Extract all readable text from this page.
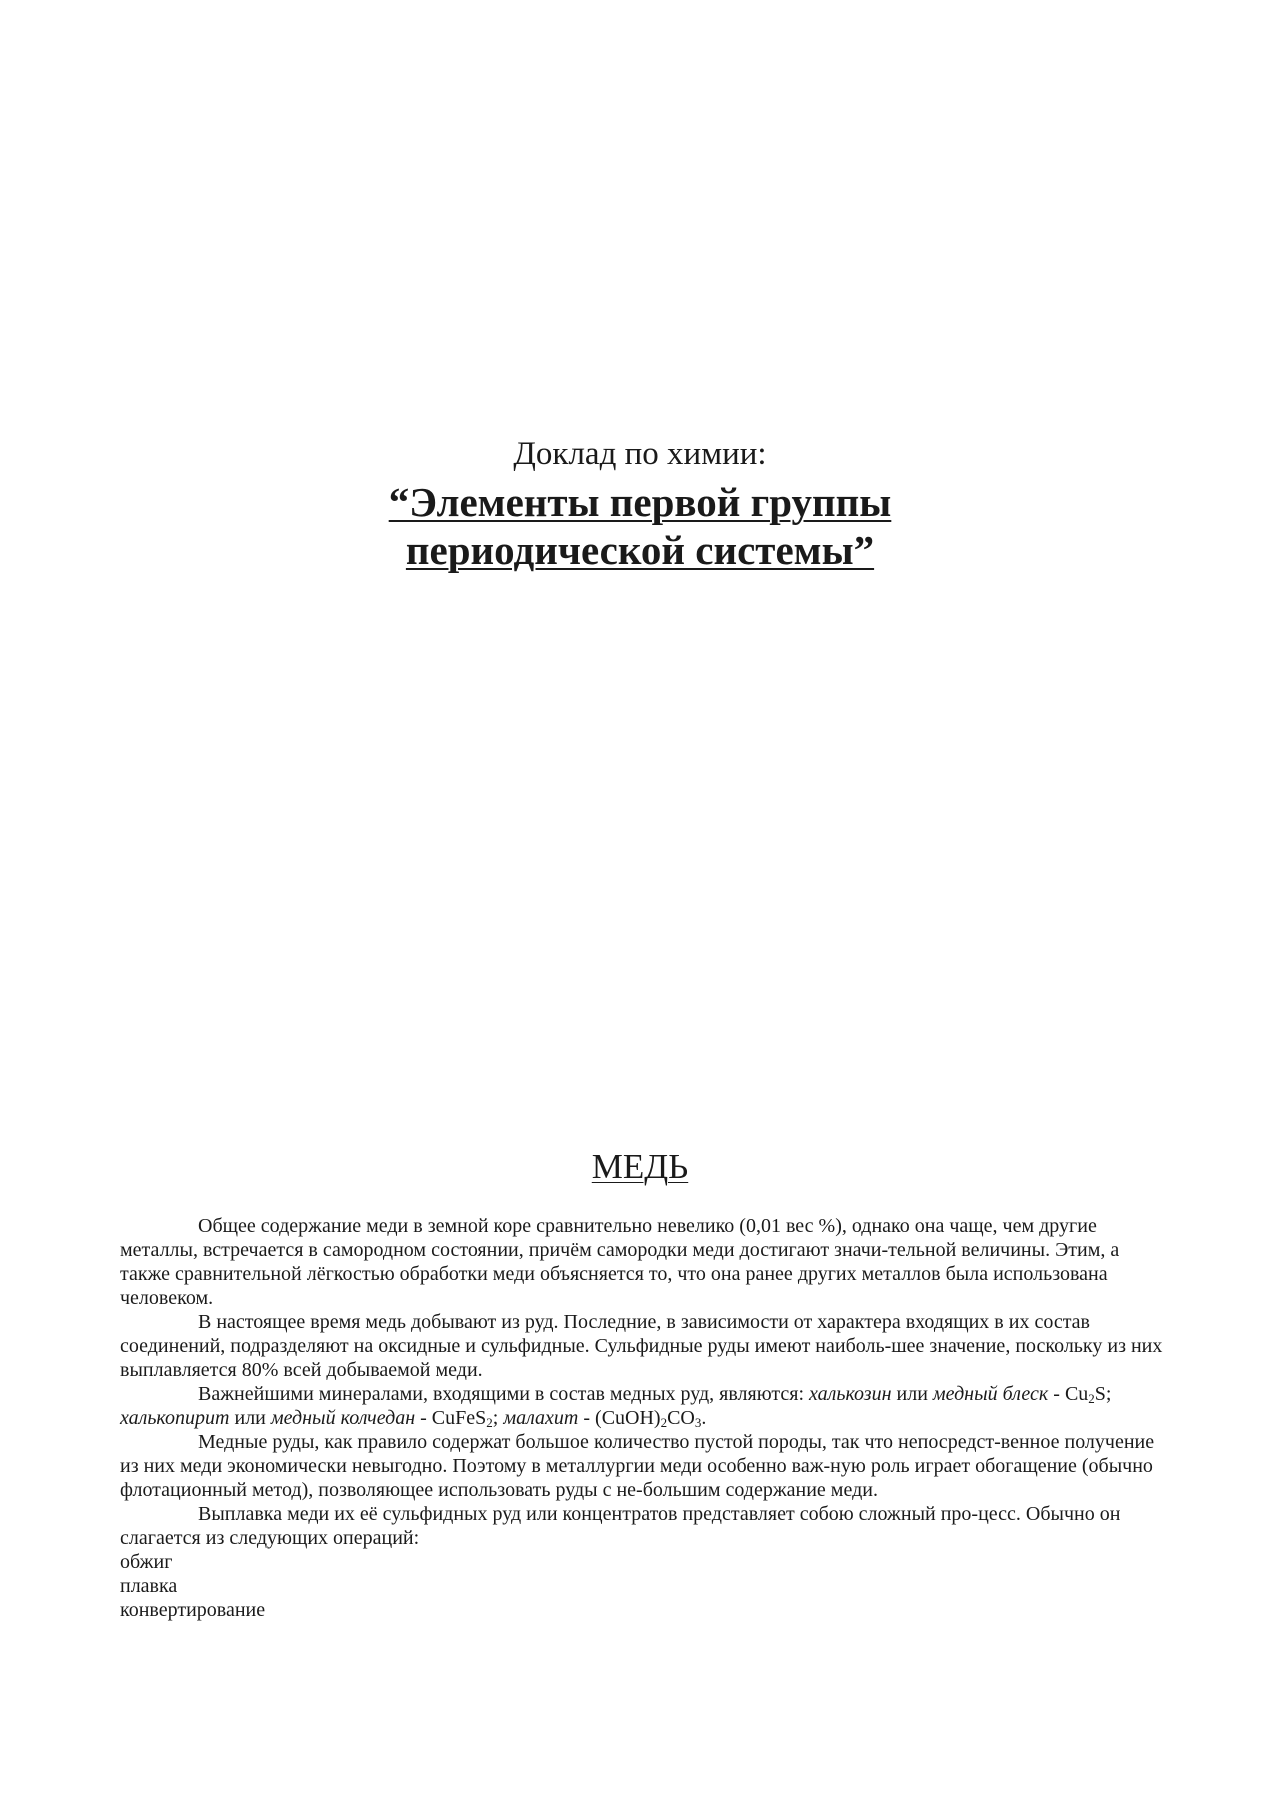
Доклад по химии:
“Элементы первой группы
периодической системы”
МЕДЬ

Общее содержание меди в земной коре сравнительно невелико (0,01 вес %), однако она чаще, чем другие металлы, встречается в самородном состоянии, причём самородки меди достигают значи-тельной величины. Этим, а также сравнительной лёгкостью обработки меди объясняется то, что она ранее других металлов была использована человеком.

В настоящее время медь добывают из руд. Последние, в зависимости от характера входящих в их состав соединений, подразделяют на оксидные и сульфидные. Сульфидные руды имеют наиболь-шее значение, поскольку из них выплавляется 80% всей добываемой меди.

Важнейшими минералами, входящими в состав медных руд, являются: халькозин или медный блеск - $Cu_2S$; халькопирит или медный колчедан - CuFeS$_2$; малахит - $(CuOH)_2CO_3$.

Медные руды, как правило содержат большое количество пустой породы, так что непосредст-венное получение из них меди экономически невыгодно. Поэтому в металлургии меди особенно важ-ную роль играет обогащение (обычно флотационный метод), позволяющее использовать руды с не-большим содержание меди.

Выплавка меди их её сульфидных руд или концентратов представляет собою сложный про-цесс. Обычно он слагается из следующих операций:

обжиг
плавка
конвертирование
